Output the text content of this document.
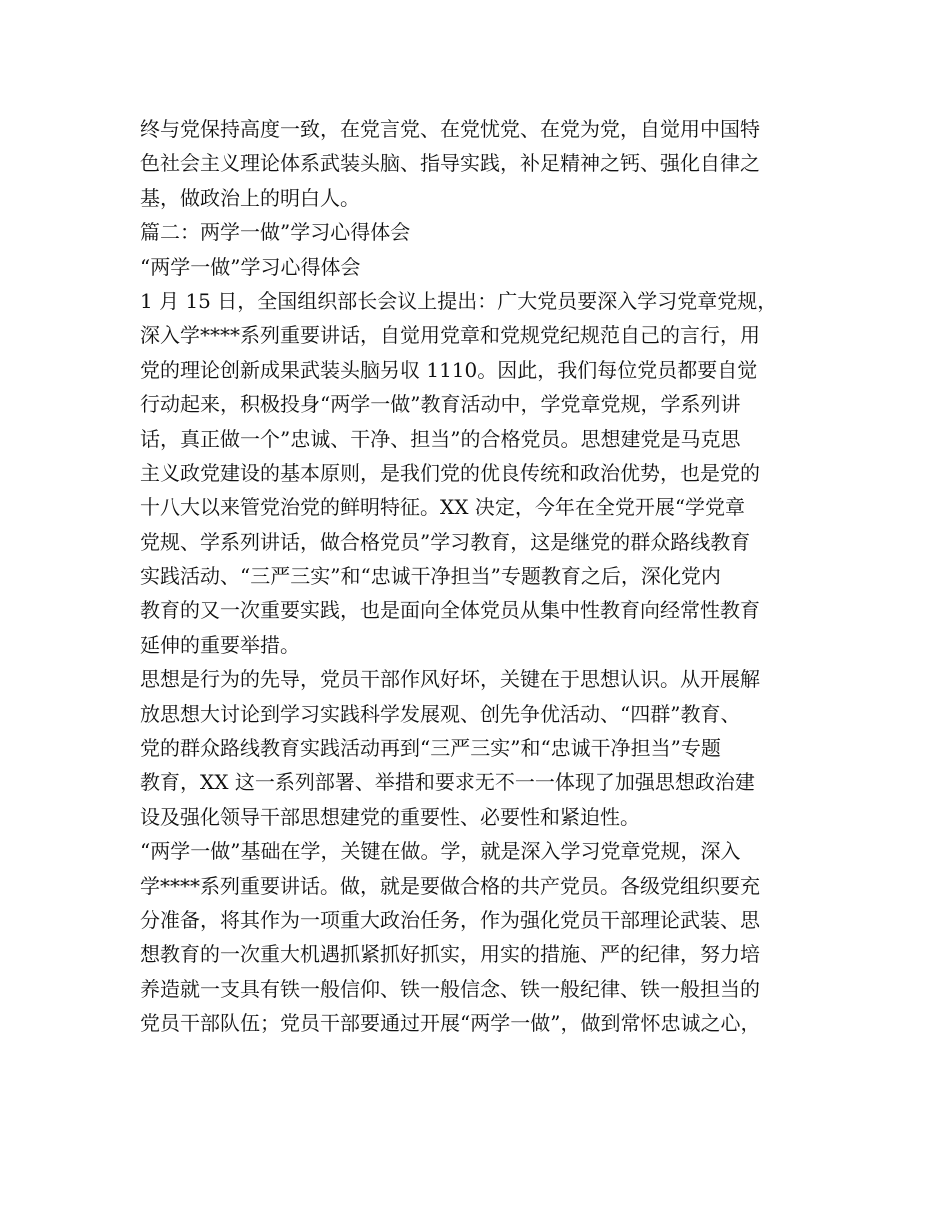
终与党保持高度一致，在党言党、在党忧党、在党为党，自觉用中国特
色社会主义理论体系武装头脑、指导实践，补足精神之钙、强化自律之
基，做政治上的明白人。
篇二：两学一做”学习心得体会
“两学一做”学习心得体会
1 月 15 日，全国组织部长会议上提出：广大党员要深入学习党章党规，
深入学****系列重要讲话，自觉用党章和党规党纪规范自己的言行，用
党的理论创新成果武装头脑另収 1110。因此，我们每位党员都要自觉
行动起来，积极投身“两学一做”教育活动中，学党章党规，学系列讲
话，真正做一个”忠诚、干净、担当”的合格党员。思想建党是马克思
主义政党建设的基本原则，是我们党的优良传统和政治优势，也是党的
十八大以来管党治党的鲜明特征。XX 决定，今年在全党开展“学党章
党规、学系列讲话，做合格党员”学习教育，这是继党的群众路线教育
实践活动、“三严三实”和“忠诚干净担当”专题教育之后，深化党内
教育的又一次重要实践，也是面向全体党员从集中性教育向经常性教育
延伸的重要举措。
思想是行为的先导，党员干部作风好坏，关键在于思想认识。从开展解
放思想大讨论到学习实践科学发展观、创先争优活动、“四群”教育、
党的群众路线教育实践活动再到“三严三实”和“忠诚干净担当”专题
教育，XX 这一系列部署、举措和要求无不一一体现了加强思想政治建
设及强化领导干部思想建党的重要性、必要性和紧迫性。
“两学一做”基础在学，关键在做。学，就是深入学习党章党规，深入
学****系列重要讲话。做，就是要做合格的共产党员。各级党组织要充
分准备，将其作为一项重大政治任务，作为强化党员干部理论武装、思
想教育的一次重大机遇抓紧抓好抓实，用实的措施、严的纪律，努力培
养造就一支具有铁一般信仰、铁一般信念、铁一般纪律、铁一般担当的
党员干部队伍；党员干部要通过开展“两学一做”，做到常怀忠诚之心，
